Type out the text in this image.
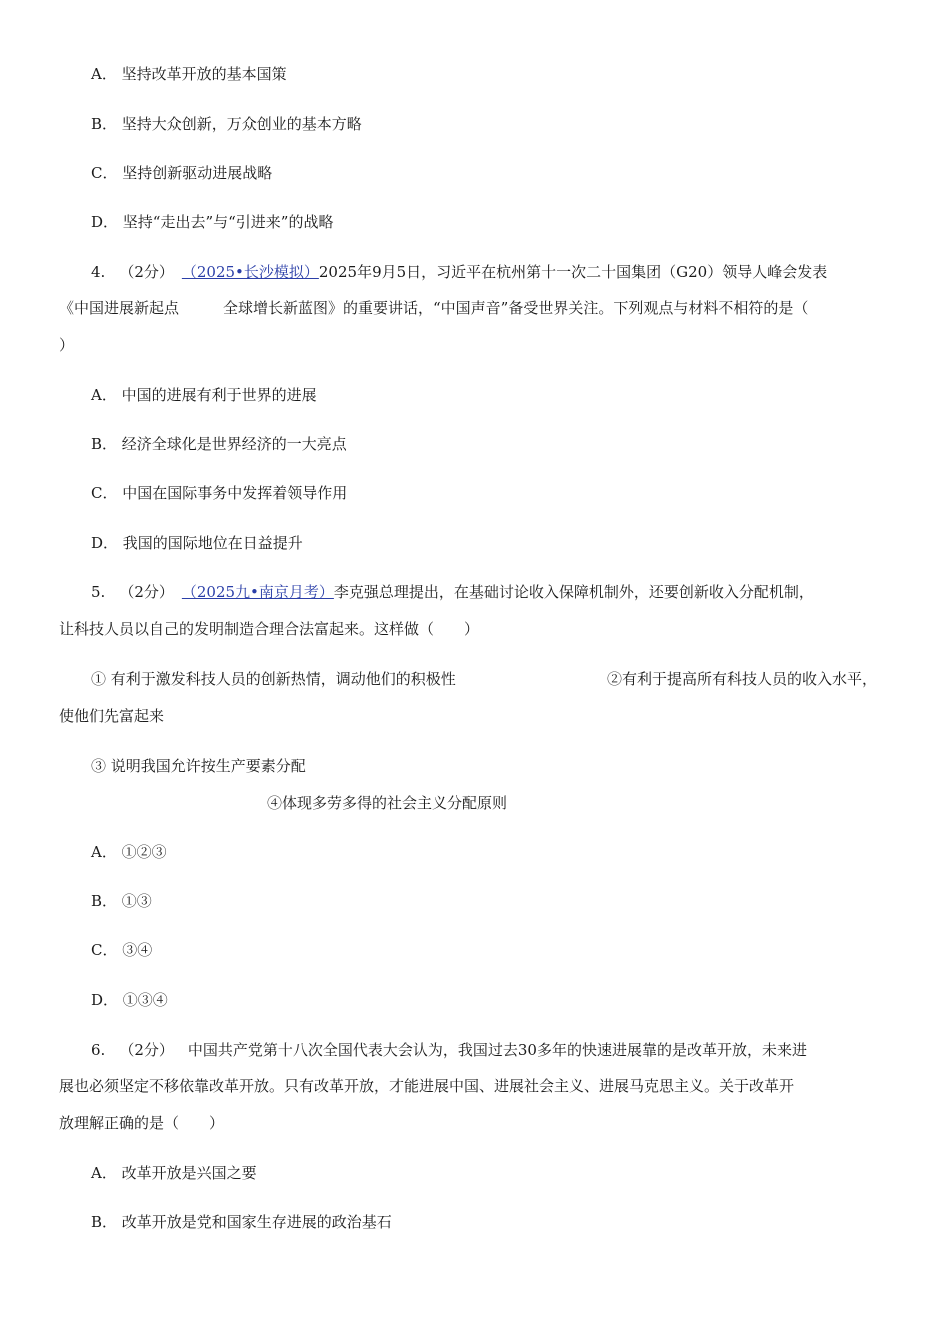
A． 坚持改革开放的基本国策
B． 坚持大众创新，万众创业的基本方略
C． 坚持创新驱动进展战略
D． 坚持“走出去”与“引进来”的战略
4. （2分） （2025•长沙模拟）2025年9月5日，习近平在杭州第十一次二十国集团（G20）领导人峰会发表
《中国进展新起点	全球增长新蓝图》的重要讲话，“中国声音”备受世界关注。下列观点与材料不相符的是（
）
A． 中国的进展有利于世界的进展
B． 经济全球化是世界经济的一大亮点
C． 中国在国际事务中发挥着领导作用
D． 我国的国际地位在日益提升
5. （2分） （2025九•南京月考）李克强总理提出，在基础讨论收入保障机制外，还要创新收入分配机制，
让科技人员以自己的发明制造合理合法富起来。这样做（　　）
① 有利于激发科技人员的创新热情，调动他们的积极性	②有利于提高所有科技人员的收入水平，
使他们先富起来
③ 说明我国允许按生产要素分配
④体现多劳多得的社会主义分配原则
A． ①②③
B． ①③
C． ③④
D． ①③④
6. （2分） 中国共产党第十八次全国代表大会认为，我国过去30多年的快速进展靠的是改革开放，未来进
展也必须坚定不移依靠改革开放。只有改革开放，才能进展中国、进展社会主义、进展马克思主义。关于改革开
放理解正确的是（　　）
A． 改革开放是兴国之要
B． 改革开放是党和国家生存进展的政治基石
